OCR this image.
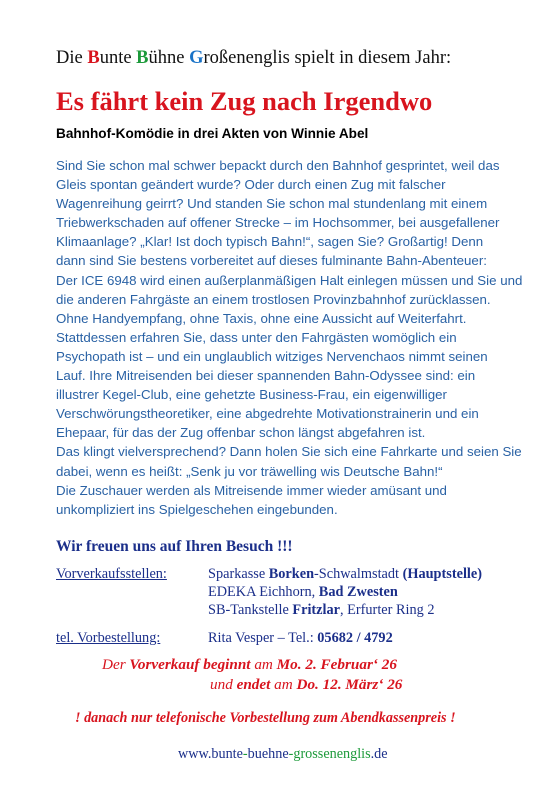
Die Bunte Bühne Großenenglis spielt in diesem Jahr:
Es fährt kein Zug nach Irgendwo
Bahnhof-Komödie in drei Akten von Winnie Abel
Sind Sie schon mal schwer bepackt durch den Bahnhof gesprintet, weil das
Gleis spontan geändert wurde? Oder durch einen Zug mit falscher
Wagenreihung geirrt? Und standen Sie schon mal stundenlang mit einem
Triebwerkschaden auf offener Strecke – im Hochsommer, bei ausgefallener
Klimaanlage? „Klar! Ist doch typisch Bahn!“, sagen Sie? Großartig! Denn
dann sind Sie bestens vorbereitet auf dieses fulminante Bahn-Abenteuer:
Der ICE 6948 wird einen außerplanmäßigen Halt einlegen müssen und Sie und
die anderen Fahrgäste an einem trostlosen Provinzbahnhof zurücklassen.
Ohne Handyempfang, ohne Taxis, ohne eine Aussicht auf Weiterfahrt.
Stattdessen erfahren Sie, dass unter den Fahrgästen womöglich ein
Psychopath ist – und ein unglaublich witziges Nervenchaos nimmt seinen
Lauf. Ihre Mitreisenden bei dieser spannenden Bahn-Odyssee sind: ein
illustrer Kegel-Club, eine gehetzte Business-Frau, ein eigenwilliger
Verschwörungstheoretiker, eine abgedrehte Motivationstrainerin und ein
Ehepaar, für das der Zug offenbar schon längst abgefahren ist.
Das klingt vielversprechend? Dann holen Sie sich eine Fahrkarte und seien Sie
dabei, wenn es heißt: „Senk ju vor träwelling wis Deutsche Bahn!“
Die Zuschauer werden als Mitreisende immer wieder amüsant und
unkompliziert ins Spielgeschehen eingebunden.
Wir freuen uns auf Ihren Besuch !!!
Vorverkaufsstellen:	Sparkasse Borken-Schwalmstadt (Hauptstelle)
EDEKA Eichhorn, Bad Zwesten
SB-Tankstelle Fritzlar, Erfurter Ring 2
tel. Vorbestellung:	Rita Vesper – Tel.: 05682 / 4792
Der Vorverkauf beginnt am Mo. 2. Februar‘ 26
und endet am Do. 12. März‘ 26
! danach nur telefonische Vorbestellung zum Abendkassenpreis !
www.bunte-buehne-grossenenglis.de
